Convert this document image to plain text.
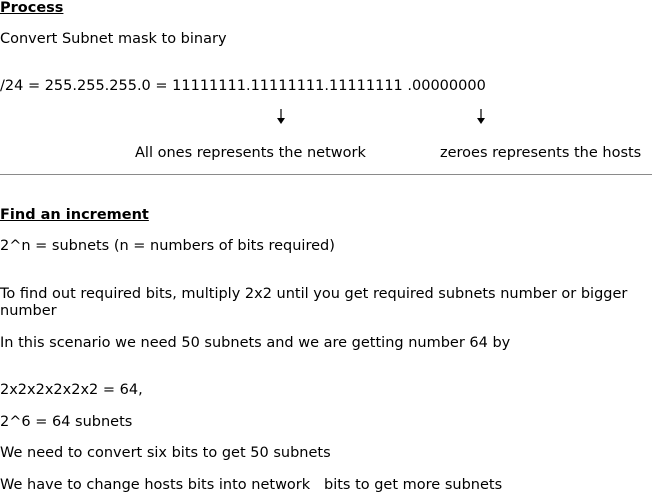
Process
Convert Subnet mask to binary
/24 = 255.255.255.0 = 11111111.11111111.11111111 .00000000
All ones represents the network	zeroes represents the hosts
Find an increment
2^n = subnets (n = numbers of bits required)
To find out required bits, multiply 2x2 until you get required subnets number or bigger number
In this scenario we need 50 subnets and we are getting number 64 by
2x2x2x2x2x2 = 64,
2^6 = 64 subnets
We need to convert six bits to get 50 subnets
We have to change hosts bits into network   bits to get more subnets
